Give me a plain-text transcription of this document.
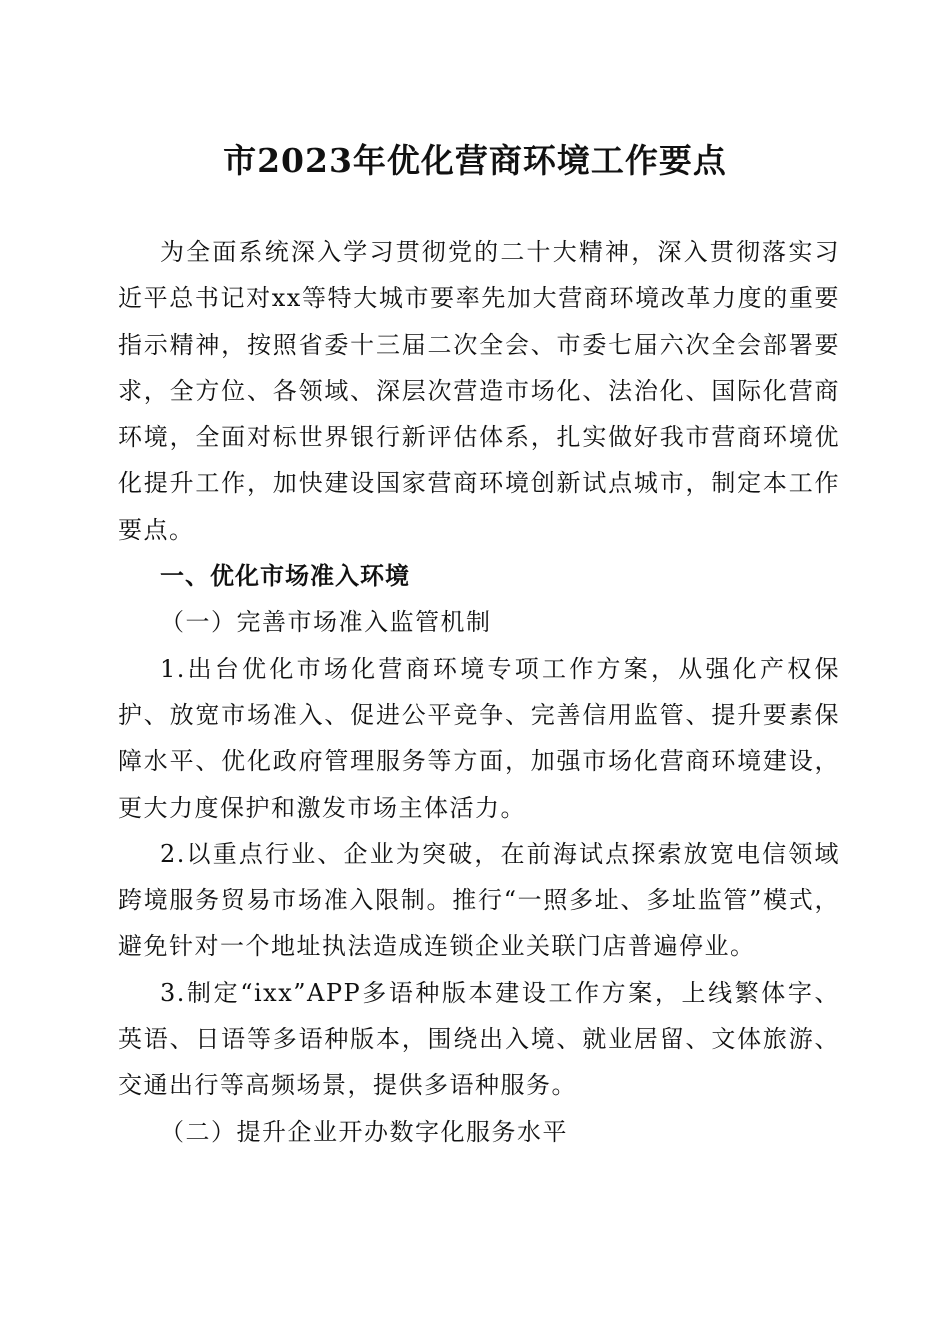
市2023年优化营商环境工作要点

为全面系统深入学习贯彻党的二十大精神，深入贯彻落实习近平总书记对xx等特大城市要率先加大营商环境改革力度的重要指示精神，按照省委十三届二次全会、市委七届六次全会部署要求，全方位、各领域、深层次营造市场化、法治化、国际化营商环境，全面对标世界银行新评估体系，扎实做好我市营商环境优化提升工作，加快建设国家营商环境创新试点城市，制定本工作要点。

一、优化市场准入环境

（一）完善市场准入监管机制

1.出台优化市场化营商环境专项工作方案，从强化产权保护、放宽市场准入、促进公平竞争、完善信用监管、提升要素保障水平、优化政府管理服务等方面，加强市场化营商环境建设，更大力度保护和激发市场主体活力。

2.以重点行业、企业为突破，在前海试点探索放宽电信领域跨境服务贸易市场准入限制。推行“一照多址、多址监管”模式，避免针对一个地址执法造成连锁企业关联门店普遍停业。

3.制定“ixx”APP多语种版本建设工作方案，上线繁体字、英语、日语等多语种版本，围绕出入境、就业居留、文体旅游、交通出行等高频场景，提供多语种服务。

（二）提升企业开办数字化服务水平
